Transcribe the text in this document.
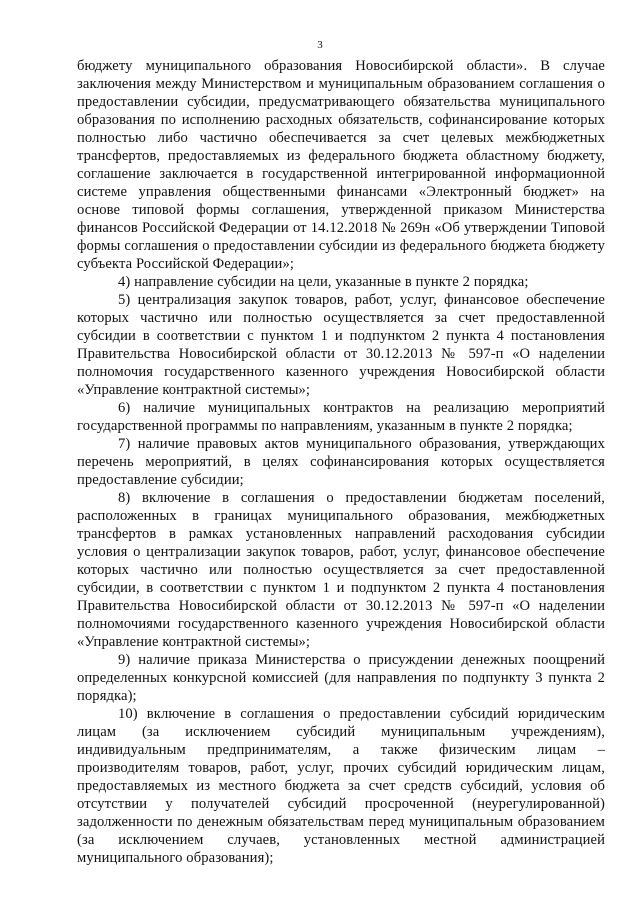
3

бюджету муниципального образования Новосибирской области». В случае заключения между Министерством и муниципальным образованием соглашения о предоставлении субсидии, предусматривающего обязательства муниципального образования по исполнению расходных обязательств, софинансирование которых полностью либо частично обеспечивается за счет целевых межбюджетных трансфертов, предоставляемых из федерального бюджета областному бюджету, соглашение заключается в государственной интегрированной информационной системе управления общественными финансами «Электронный бюджет» на основе типовой формы соглашения, утвержденной приказом Министерства финансов Российской Федерации от 14.12.2018 № 269н «Об утверждении Типовой формы соглашения о предоставлении субсидии из федерального бюджета бюджету субъекта Российской Федерации»;

4) направление субсидии на цели, указанные в пункте 2 порядка;

5) централизация закупок товаров, работ, услуг, финансовое обеспечение которых частично или полностью осуществляется за счет предоставленной субсидии в соответствии с пунктом 1 и подпунктом 2 пункта 4 постановления Правительства Новосибирской области от 30.12.2013 № 597-п «О наделении полномочия государственного казенного учреждения Новосибирской области «Управление контрактной системы»;

6) наличие муниципальных контрактов на реализацию мероприятий государственной программы по направлениям, указанным в пункте 2 порядка;

7) наличие правовых актов муниципального образования, утверждающих перечень мероприятий, в целях софинансирования которых осуществляется предоставление субсидии;

8) включение в соглашения о предоставлении бюджетам поселений, расположенных в границах муниципального образования, межбюджетных трансфертов в рамках установленных направлений расходования субсидии условия о централизации закупок товаров, работ, услуг, финансовое обеспечение которых частично или полностью осуществляется за счет предоставленной субсидии, в соответствии с пунктом 1 и подпунктом 2 пункта 4 постановления Правительства Новосибирской области от 30.12.2013 № 597-п «О наделении полномочиями государственного казенного учреждения Новосибирской области «Управление контрактной системы»;

9) наличие приказа Министерства о присуждении денежных поощрений определенных конкурсной комиссией (для направления по подпункту 3 пункта 2 порядка);

10) включение в соглашения о предоставлении субсидий юридическим лицам (за исключением субсидий муниципальным учреждениям), индивидуальным предпринимателям, а также физическим лицам – производителям товаров, работ, услуг, прочих субсидий юридическим лицам, предоставляемых из местного бюджета за счет средств субсидий, условия об отсутствии у получателей субсидий просроченной (неурегулированной) задолженности по денежным обязательствам перед муниципальным образованием (за исключением случаев, установленных местной администрацией муниципального образования);
